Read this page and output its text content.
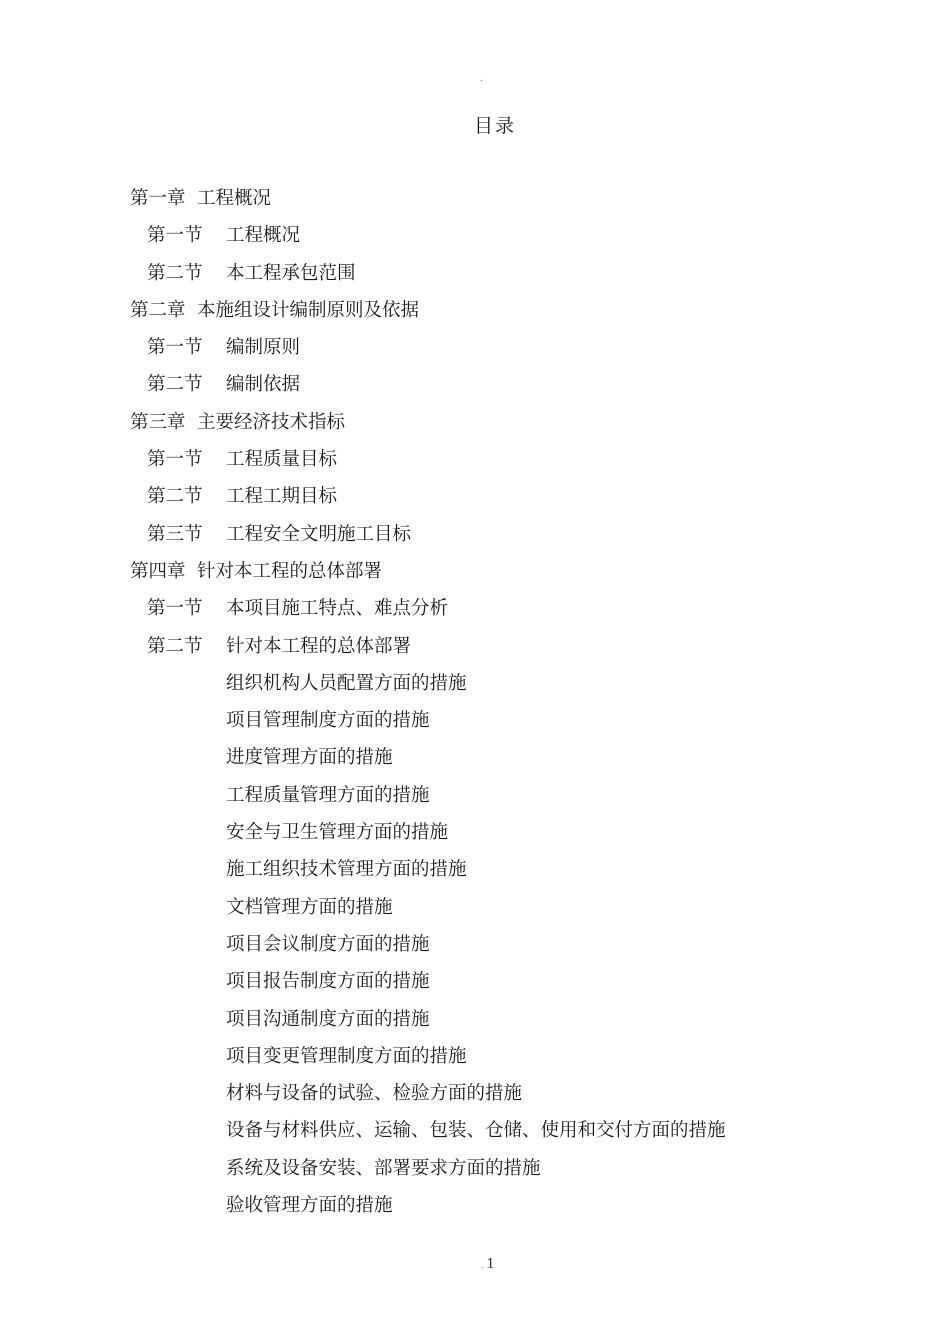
.
目录
第一章 工程概况
第一节 工程概况
第二节 本工程承包范围
第二章 本施组设计编制原则及依据
第一节 编制原则
第二节 编制依据
第三章 主要经济技术指标
第一节 工程质量目标
第二节 工程工期目标
第三节 工程安全文明施工目标
第四章 针对本工程的总体部署
第一节 本项目施工特点、难点分析
第二节 针对本工程的总体部署
组织机构人员配置方面的措施
项目管理制度方面的措施
进度管理方面的措施
工程质量管理方面的措施
安全与卫生管理方面的措施
施工组织技术管理方面的措施
文档管理方面的措施
项目会议制度方面的措施
项目报告制度方面的措施
项目沟通制度方面的措施
项目变更管理制度方面的措施
材料与设备的试验、检验方面的措施
设备与材料供应、运输、包装、仓储、使用和交付方面的措施
系统及设备安装、部署要求方面的措施
验收管理方面的措施
. 1
